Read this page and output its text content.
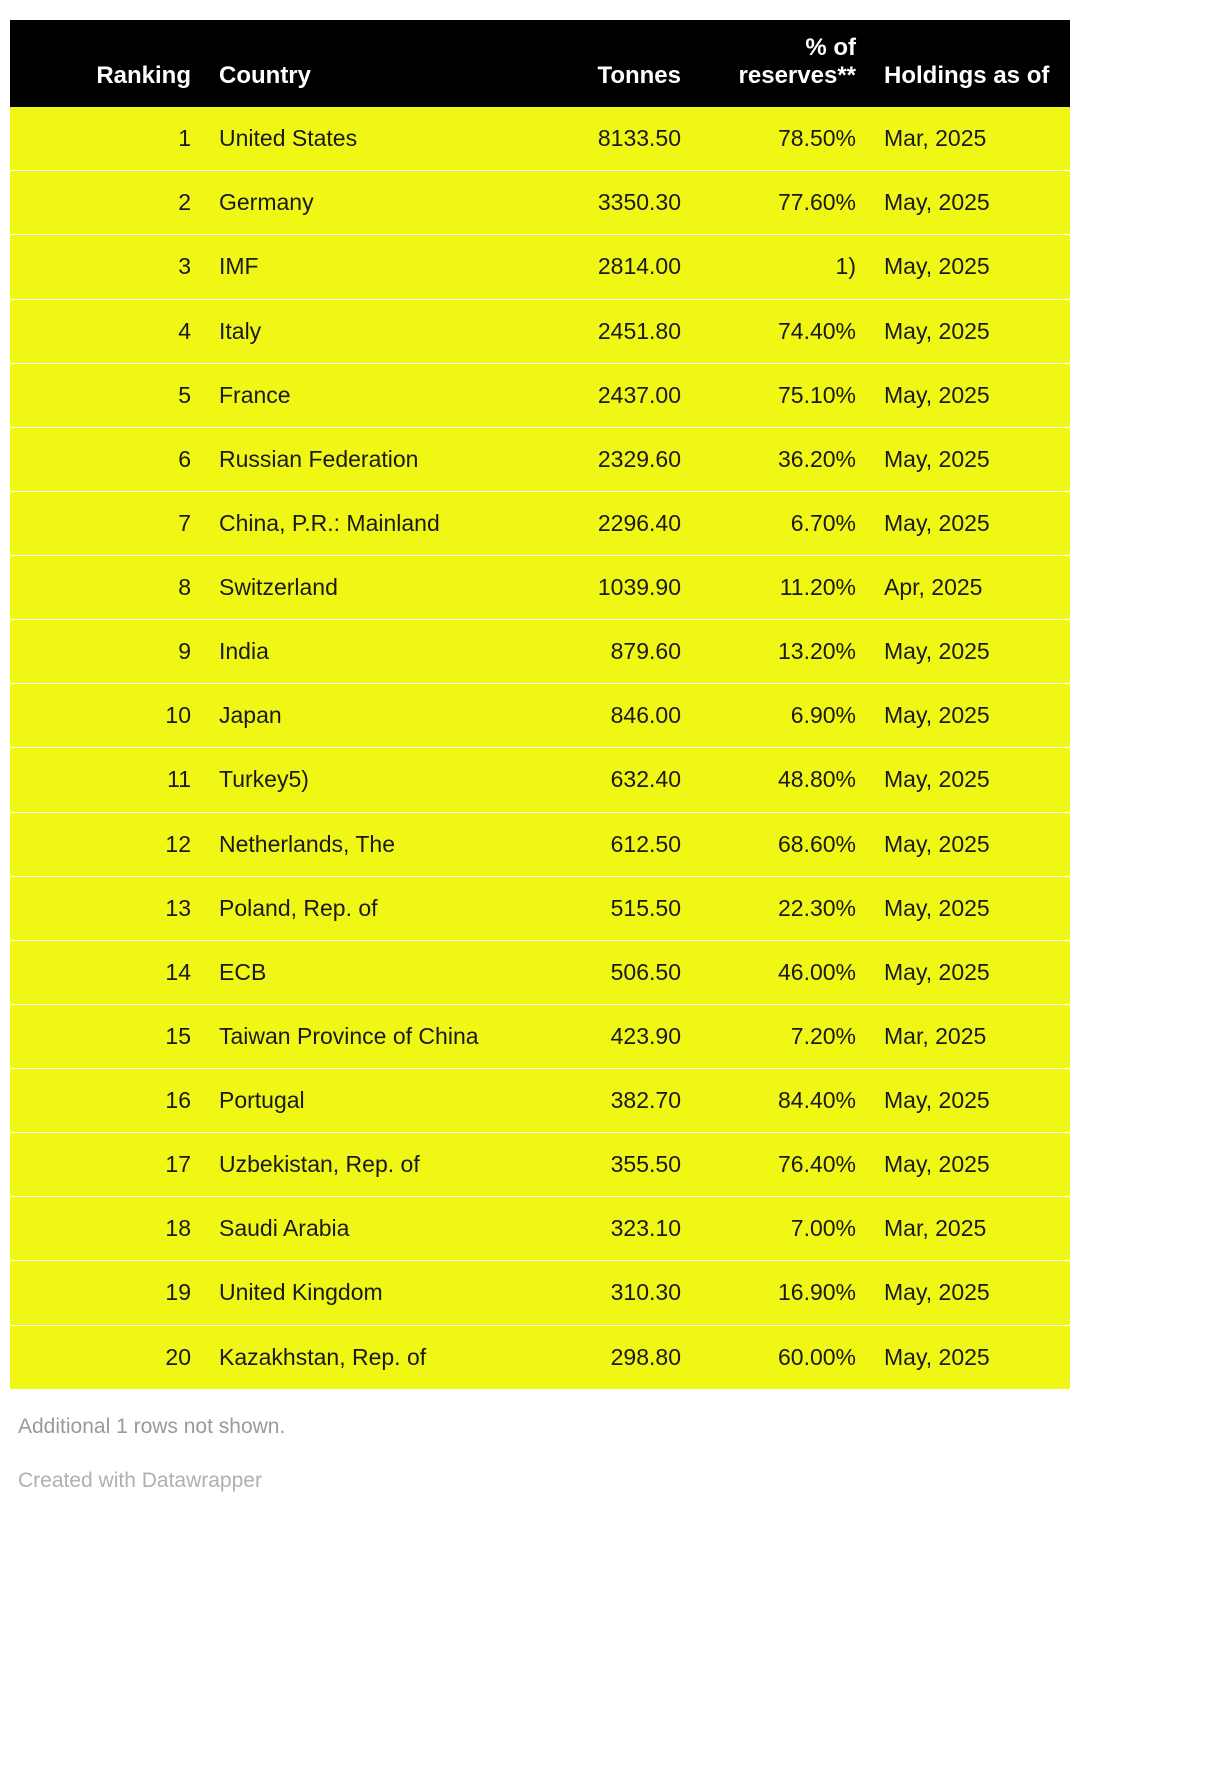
Ranking	Country	Tonnes	% of reserves**	Holdings as of
1	United States	8133.50	78.50%	Mar, 2025
2	Germany	3350.30	77.60%	May, 2025
3	IMF	2814.00	1)	May, 2025
4	Italy	2451.80	74.40%	May, 2025
5	France	2437.00	75.10%	May, 2025
6	Russian Federation	2329.60	36.20%	May, 2025
7	China, P.R.: Mainland	2296.40	6.70%	May, 2025
8	Switzerland	1039.90	11.20%	Apr, 2025
9	India	879.60	13.20%	May, 2025
10	Japan	846.00	6.90%	May, 2025
11	Turkey5)	632.40	48.80%	May, 2025
12	Netherlands, The	612.50	68.60%	May, 2025
13	Poland, Rep. of	515.50	22.30%	May, 2025
14	ECB	506.50	46.00%	May, 2025
15	Taiwan Province of China	423.90	7.20%	Mar, 2025
16	Portugal	382.70	84.40%	May, 2025
17	Uzbekistan, Rep. of	355.50	76.40%	May, 2025
18	Saudi Arabia	323.10	7.00%	Mar, 2025
19	United Kingdom	310.30	16.90%	May, 2025
20	Kazakhstan, Rep. of	298.80	60.00%	May, 2025
Additional 1 rows not shown.
Created with Datawrapper
